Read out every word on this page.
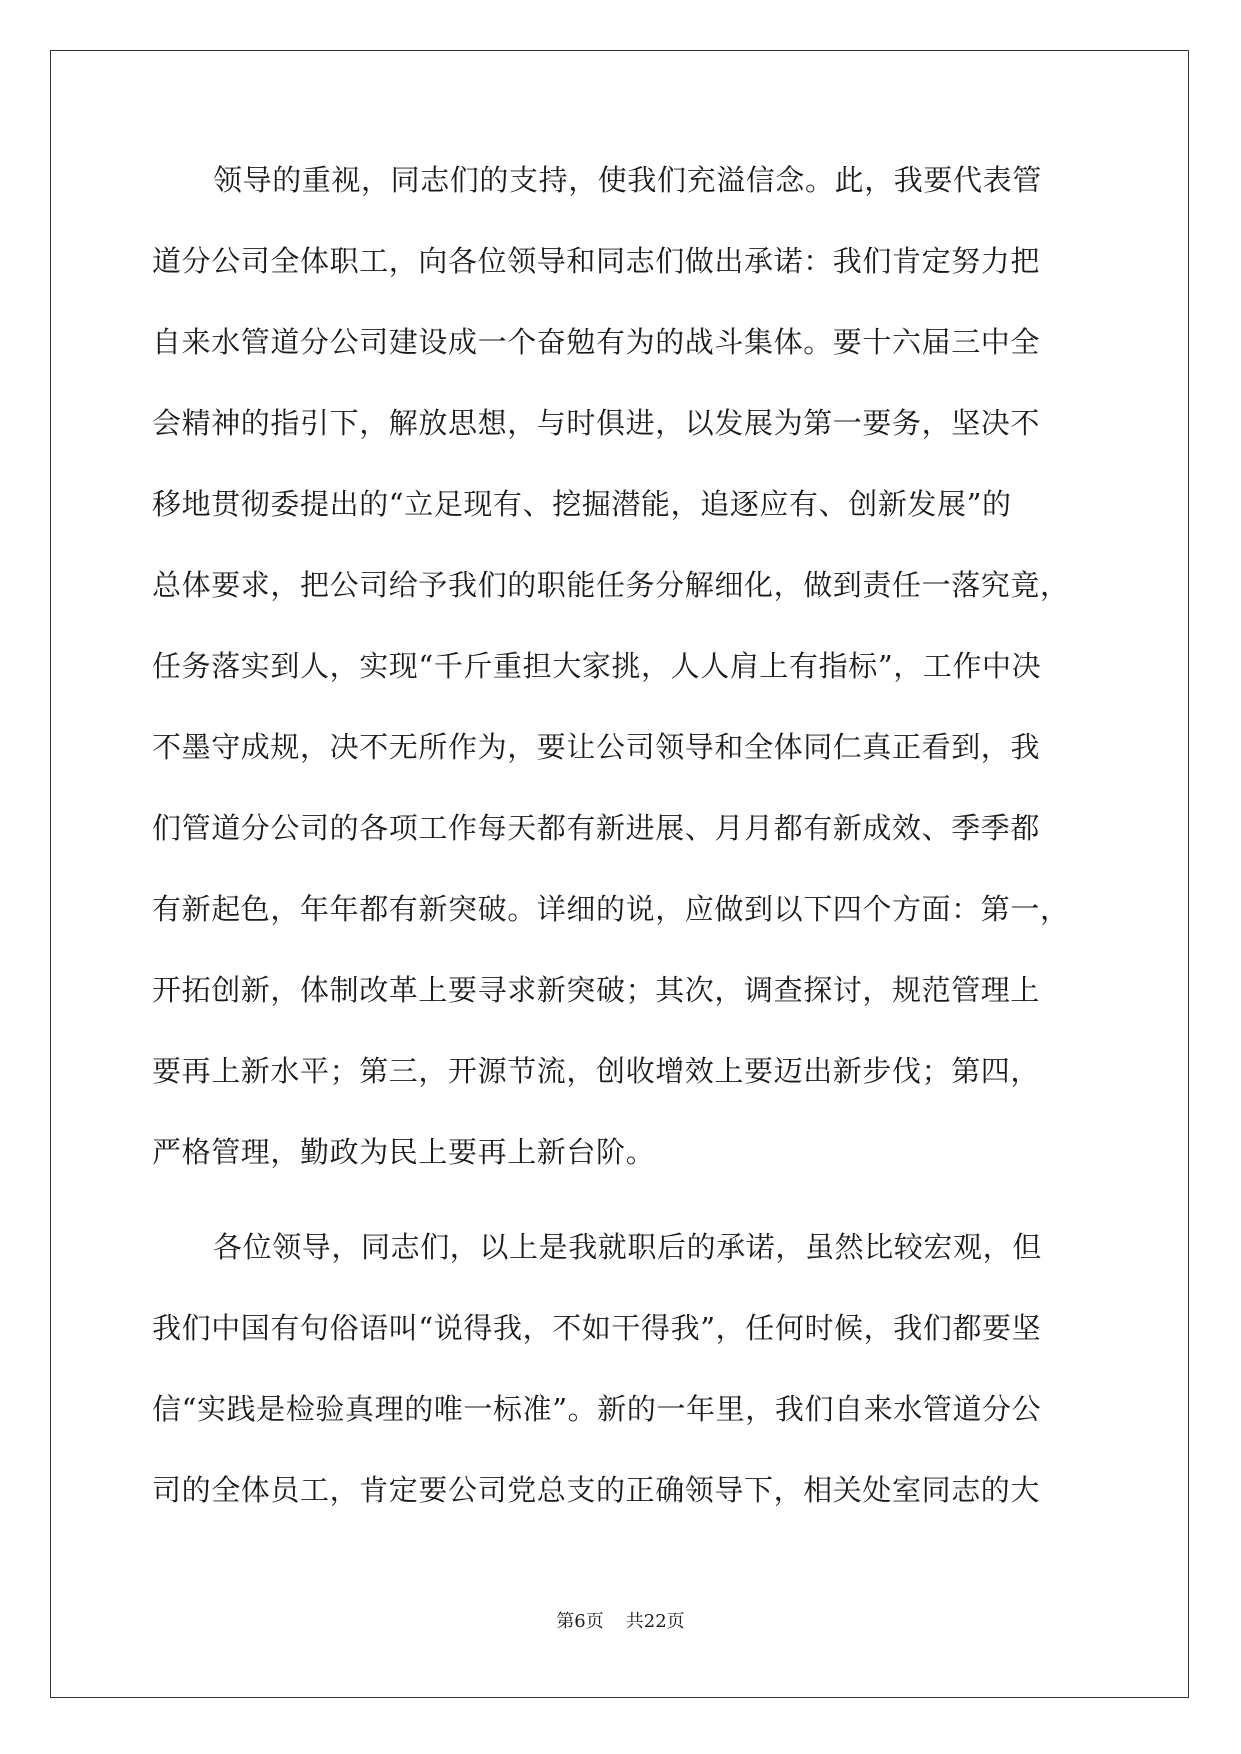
领导的重视，同志们的支持，使我们充溢信念。此，我要代表管
道分公司全体职工，向各位领导和同志们做出承诺：我们肯定努力把
自来水管道分公司建设成一个奋勉有为的战斗集体。要十六届三中全
会精神的指引下，解放思想，与时俱进，以发展为第一要务，坚决不
移地贯彻委提出的“立足现有、挖掘潜能，追逐应有、创新发展”的
总体要求，把公司给予我们的职能任务分解细化，做到责任一落究竟，
任务落实到人，实现“千斤重担大家挑，人人肩上有指标”，工作中决
不墨守成规，决不无所作为，要让公司领导和全体同仁真正看到，我
们管道分公司的各项工作每天都有新进展、月月都有新成效、季季都
有新起色，年年都有新突破。详细的说，应做到以下四个方面：第一，
开拓创新，体制改革上要寻求新突破；其次，调查探讨，规范管理上
要再上新水平；第三，开源节流，创收增效上要迈出新步伐；第四，
严格管理，勤政为民上要再上新台阶。
各位领导，同志们，以上是我就职后的承诺，虽然比较宏观，但
我们中国有句俗语叫“说得我，不如干得我”，任何时候，我们都要坚
信“实践是检验真理的唯一标准”。新的一年里，我们自来水管道分公
司的全体员工，肯定要公司党总支的正确领导下，相关处室同志的大
第6页 共22页
